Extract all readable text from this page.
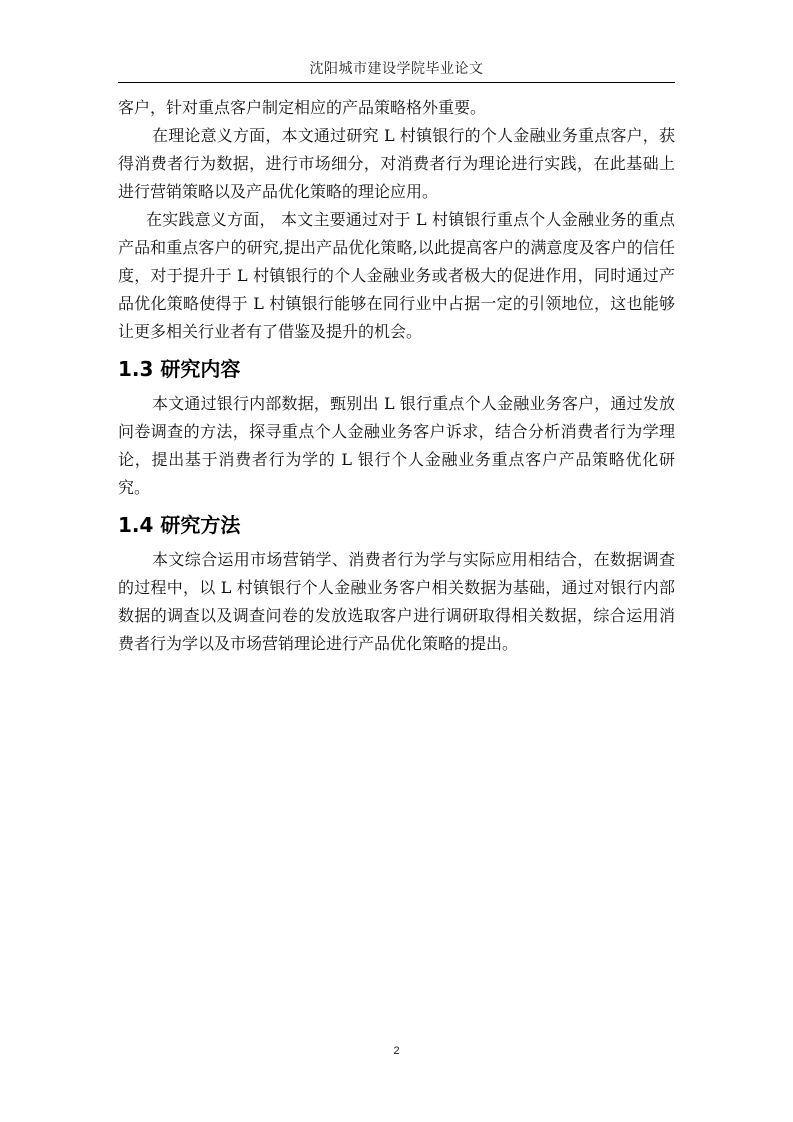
沈阳城市建设学院毕业论文

客户，针对重点客户制定相应的产品策略格外重要。

在理论意义方面，本文通过研究 L 村镇银行的个人金融业务重点客户，获得消费者行为数据，进行市场细分，对消费者行为理论进行实践，在此基础上进行营销策略以及产品优化策略的理论应用。

在实践意义方面， 本文主要通过对于 L 村镇银行重点个人金融业务的重点产品和重点客户的研究,提出产品优化策略,以此提高客户的满意度及客户的信任度，对于提升于 L 村镇银行的个人金融业务或者极大的促进作用，同时通过产品优化策略使得于 L 村镇银行能够在同行业中占据一定的引领地位，这也能够让更多相关行业者有了借鉴及提升的机会。

1.3 研究内容

本文通过银行内部数据，甄别出 L 银行重点个人金融业务客户，通过发放问卷调查的方法，探寻重点个人金融业务客户诉求，结合分析消费者行为学理论，提出基于消费者行为学的 L 银行个人金融业务重点客户产品策略优化研究。

1.4 研究方法

本文综合运用市场营销学、消费者行为学与实际应用相结合，在数据调查的过程中，以 L 村镇银行个人金融业务客户相关数据为基础，通过对银行内部数据的调查以及调查问卷的发放选取客户进行调研取得相关数据，综合运用消费者行为学以及市场营销理论进行产品优化策略的提出。

2
